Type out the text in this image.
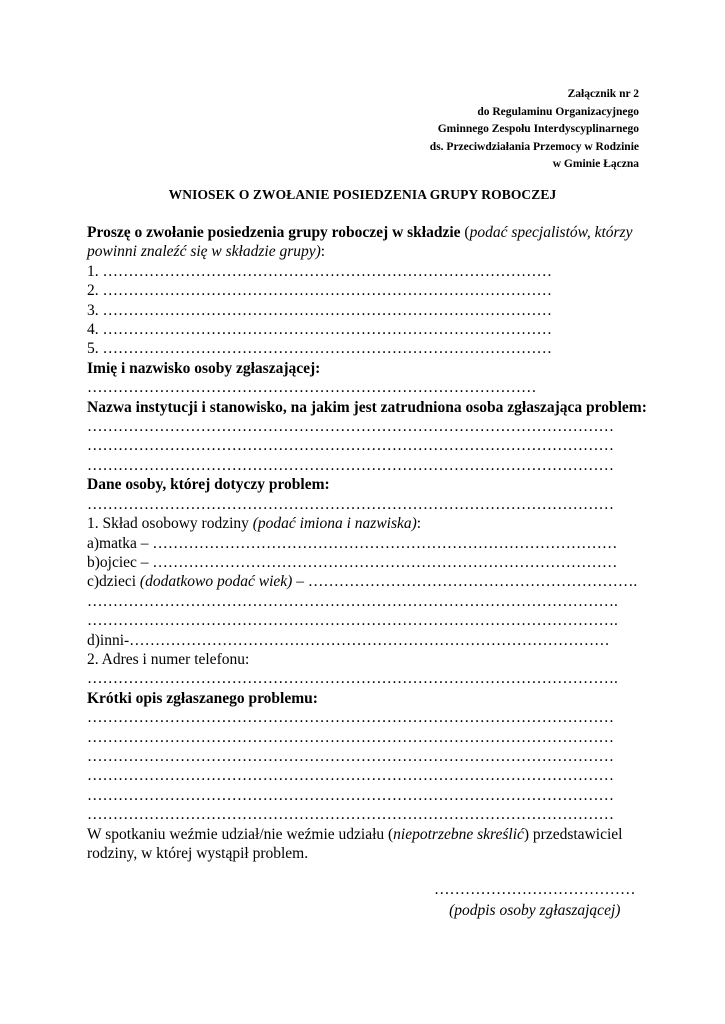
Załącznik nr 2
do Regulaminu Organizacyjnego
Gminnego Zespołu Interdyscyplinarnego
ds. Przeciwdziałania Przemocy w Rodzinie
w Gminie Łączna
WNIOSEK O ZWOŁANIE POSIEDZENIA GRUPY ROBOCZEJ
Proszę o zwołanie posiedzenia grupy roboczej w składzie (podać specjalistów, którzy
powinni znaleźć się w składzie grupy):
1. ……………………………………………………………………………
2. ……………………………………………………………………………
3. ……………………………………………………………………………
4. ……………………………………………………………………………
5. ……………………………………………………………………………
Imię i nazwisko osoby zgłaszającej:
……………………………………………………………………………
Nazwa instytucji i stanowisko, na jakim jest zatrudniona osoba zgłaszająca problem:
…………………………………………………………………………………………
…………………………………………………………………………………………
…………………………………………………………………………………………
Dane osoby, której dotyczy problem:
…………………………………………………………………………………………
1. Skład osobowy rodziny (podać imiona i nazwiska):
a)matka – ………………………………………………………………………………
b)ojciec – ………………………………………………………………………………
c)dzieci (dodatkowo podać wiek) – ……………………………………………………….
………………………………………………………………………………………….
………………………………………………………………………………………….
d)inni-…………………………………………………………………………………
2. Adres i numer telefonu:
………………………………………………………………………………………….
Krótki opis zgłaszanego problemu:
…………………………………………………………………………………………
…………………………………………………………………………………………
…………………………………………………………………………………………
…………………………………………………………………………………………
…………………………………………………………………………………………
…………………………………………………………………………………………
W spotkaniu weźmie udział/nie weźmie udziału (niepotrzebne skreślić) przedstawiciel
rodziny, w której wystąpił problem.
…………………………………
(podpis osoby zgłaszającej)
